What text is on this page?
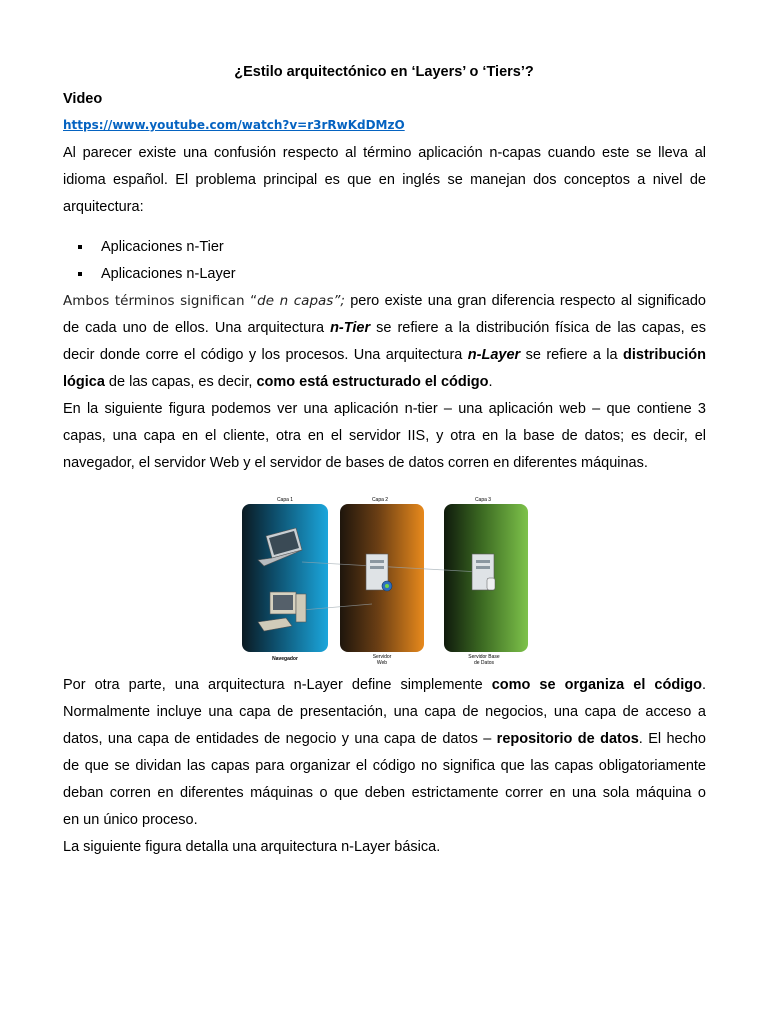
¿Estilo arquitectónico en ‘Layers’ o ‘Tiers’?
Video
https://www.youtube.com/watch?v=r3rRwKdDMzO
Al parecer existe una confusión respecto al término aplicación n-capas cuando este se lleva al
idioma español. El problema principal es que en inglés se manejan dos conceptos a nivel de
arquitectura:
Aplicaciones n-Tier
Aplicaciones n-Layer
Ambos términos significan “de n capas”; pero existe una gran diferencia respecto al significado
de cada uno de ellos. Una arquitectura n-Tier se refiere a la distribución física de las capas, es
decir donde corre el código y los procesos. Una arquitectura n-Layer se refiere a la distribución
lógica de las capas, es decir, como está estructurado el código.
En la siguiente figura podemos ver una aplicación n-tier – una aplicación web – que contiene 3
capas, una capa en el cliente, otra en el servidor IIS, y otra en la base de datos; es decir, el
navegador, el servidor Web y el servidor de bases de datos corren en diferentes máquinas.
Capa 1	Capa 2	Capa 3
Navegador	Servidor
Web
Servidor Base
de Datos
Por otra parte, una arquitectura n-Layer define simplemente como se organiza el código.
Normalmente incluye una capa de presentación, una capa de negocios, una capa de acceso a
datos, una capa de entidades de negocio y una capa de datos – repositorio de datos. El hecho
de que se dividan las capas para organizar el código no significa que las capas obligatoriamente
deban corren en diferentes máquinas o que deben estrictamente correr en una sola máquina o
en un único proceso.
La siguiente figura detalla una arquitectura n-Layer básica.
